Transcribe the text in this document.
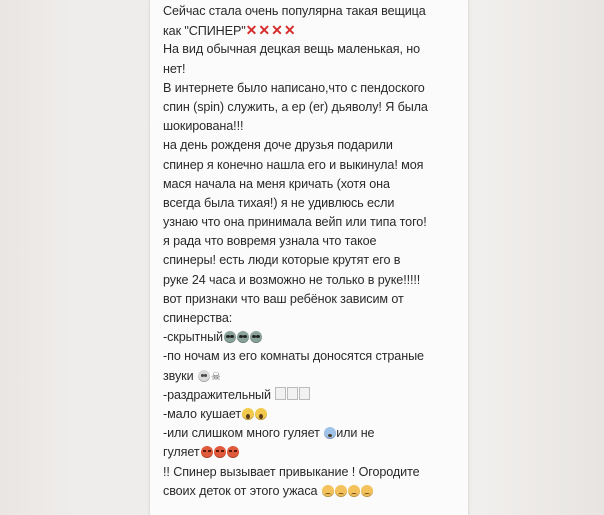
Сейчас стала очень популярна такая вещица
как "СПИНЕР"✕✕✕✕
На вид обычная децкая вещь маленькая, но
нет!
В интернете было написано,что с пендоского
спин (spin) служить, а ер (er) дьяволу! Я была
шокирована!!!
на день рожденя доче друзья подарили
спинер я конечно нашла его и выкинула! моя
мася начала на меня кричать (хотя она
всегда была тихая!) я не удивлюсь если
узнаю что она принимала вейп или типа того!
я рада что вовремя узнала что такое
спинеры! есть люди которые крутят его в
руке 24 часа и возможно не только в руке!!!!!
вот признаки что ваш ребёнок зависим от
спинерства:
-скрытный
-по ночам из его комнаты доносятся страные
звуки ☠
-раздражительный
-мало кушает
-или слишком много гуляет или не
гуляет
!! Спинер вызывает привыкание ! Огородите
своих деток от этого ужаса
